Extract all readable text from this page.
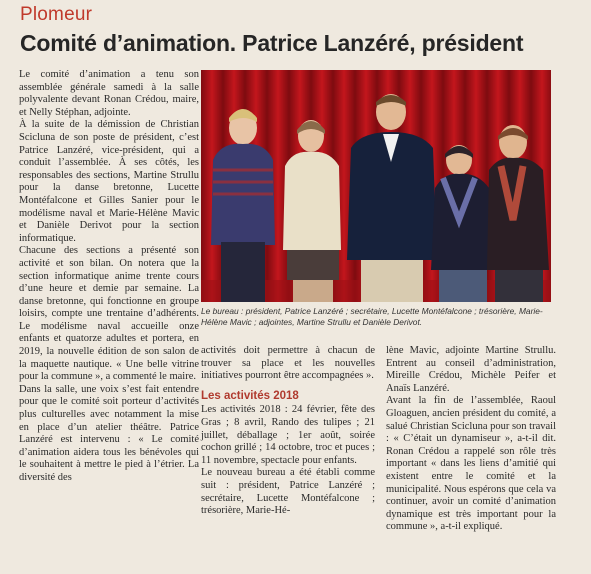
Plomeur
Comité d’animation. Patrice Lanzéré, président

Le comité d’animation a tenu son assemblée générale samedi à la salle polyvalente devant Ronan Crédou, maire, et Nelly Stéphan, adjointe.

À la suite de la démission de Christian Scicluna de son poste de président, c’est Patrice Lanzéré, vice-président, qui a conduit l’assemblée. À ses côtés, les responsables des sections, Martine Strullu pour la danse bretonne, Lucette Montéfalcone et Gilles Sanier pour le modélisme naval et Marie-Hélène Mavic et Danièle Derivot pour la section informatique.

Chacune des sections a présenté son activité et son bilan. On notera que la section informatique anime trente cours d’une heure et demie par semaine. La danse bretonne, qui fonctionne en groupe loisirs, compte une trentaine d’adhérents. Le modélisme naval accueille onze enfants et quatorze adultes et portera, en 2019, la nouvelle édition de son salon de la maquette nautique. « Une belle vitrine pour la commune », a commenté le maire.

Dans la salle, une voix s’est fait entendre pour que le comité soit porteur d’activités plus culturelles avec notamment la mise en place d’un atelier théâtre. Patrice Lanzéré est intervenu : « Le comité d’animation aidera tous les bénévoles qui le souhaitent à mettre le pied à l’étrier. La diversité des

Le bureau : président, Patrice Lanzéré ; secrétaire, Lucette Montéfalcone ; trésorière, Marie-Hélène Mavic ; adjointes, Martine Strullu et Danièle Derivot.

activités doit permettre à chacun de trouver sa place et les nouvelles initiatives pourront être accompagnées ».

Les activités 2018

Les activités 2018 : 24 février, fête des Gras ; 8 avril, Rando des tulipes ; 21 juillet, déballage ; 1er août, soirée cochon grillé ; 14 octobre, troc et puces ; 11 novembre, spectacle pour enfants.

Le nouveau bureau a été établi comme suit : président, Patrice Lanzéré ; secrétaire, Lucette Montéfalcone ; trésorière, Marie-Hé-

lène Mavic, adjointe Martine Strullu. Entrent au conseil d’administration, Mireille Crédou, Michèle Peifer et Anaïs Lanzéré.

Avant la fin de l’assemblée, Raoul Gloaguen, ancien président du comité, a salué Christian Scicluna pour son travail : « C’était un dynamiseur », a-t-il dit. Ronan Crédou a rappelé son rôle très important « dans les liens d’amitié qui existent entre le comité et la municipalité. Nous espérons que cela va continuer, avoir un comité d’animation dynamique est très important pour la commune », a-t-il expliqué.
